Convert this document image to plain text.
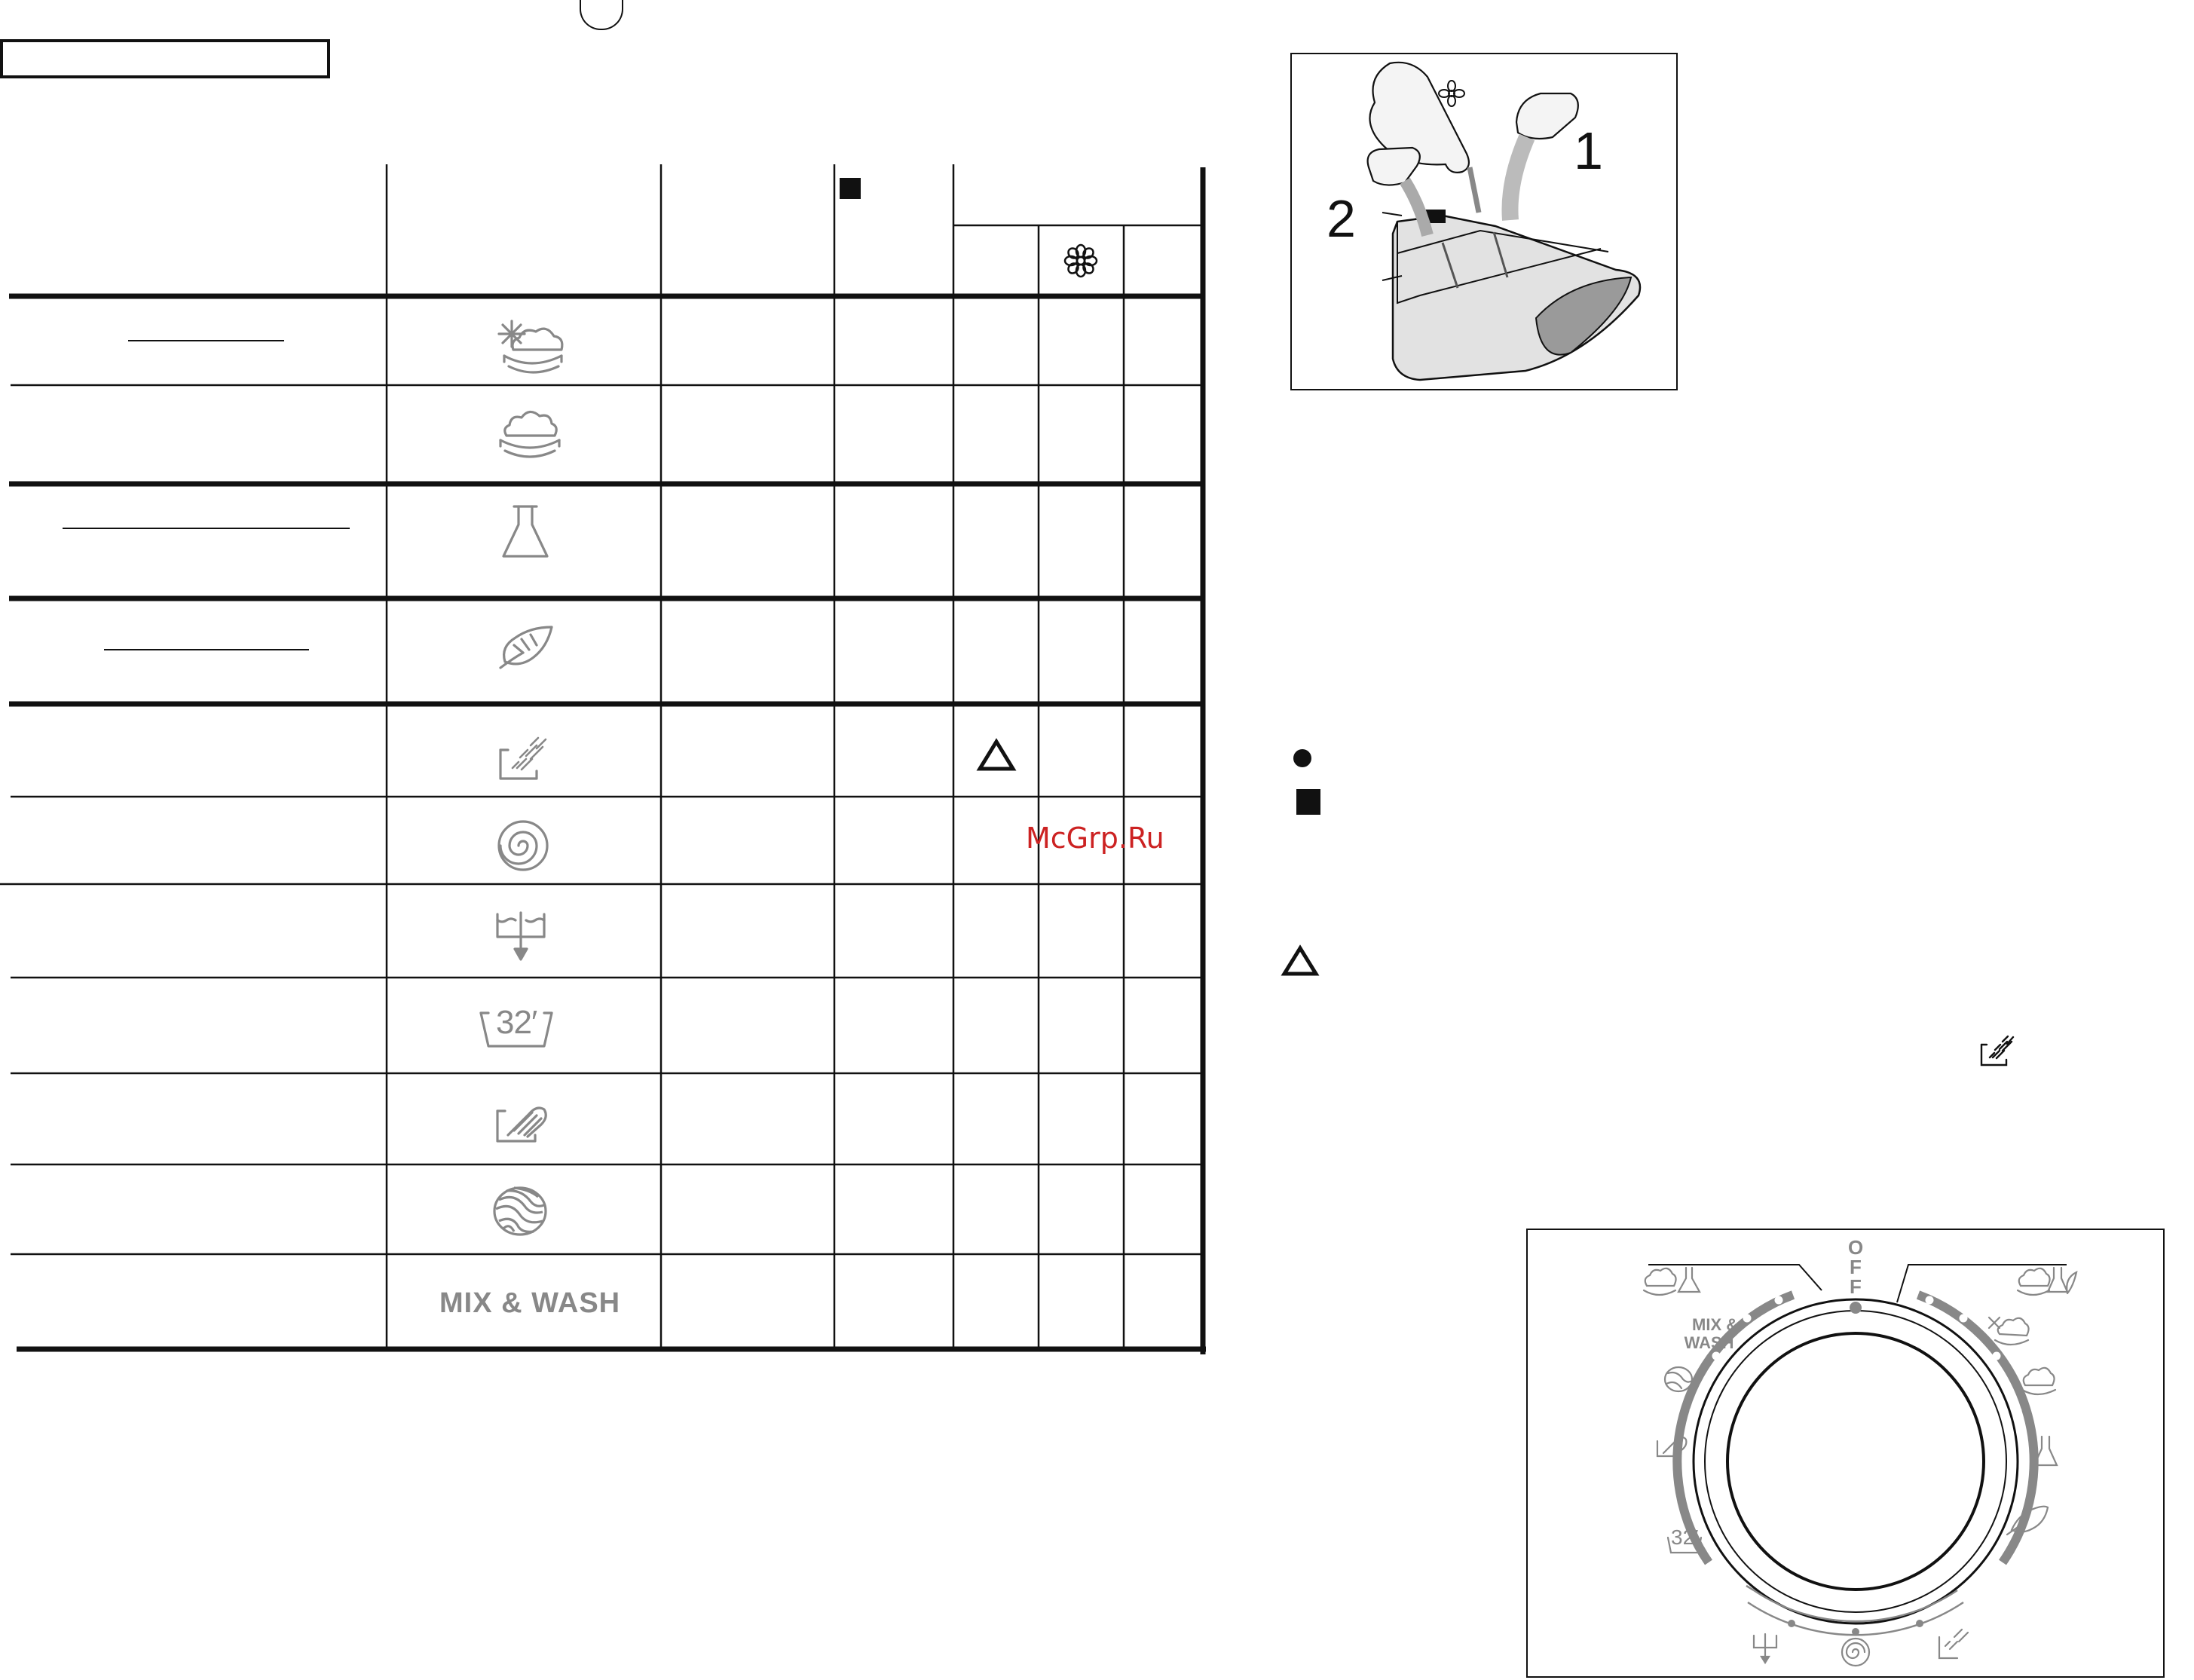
32′
MIX & WASH
McGrp.Ru
1
2
OFF
MIX &
WASH
32′
